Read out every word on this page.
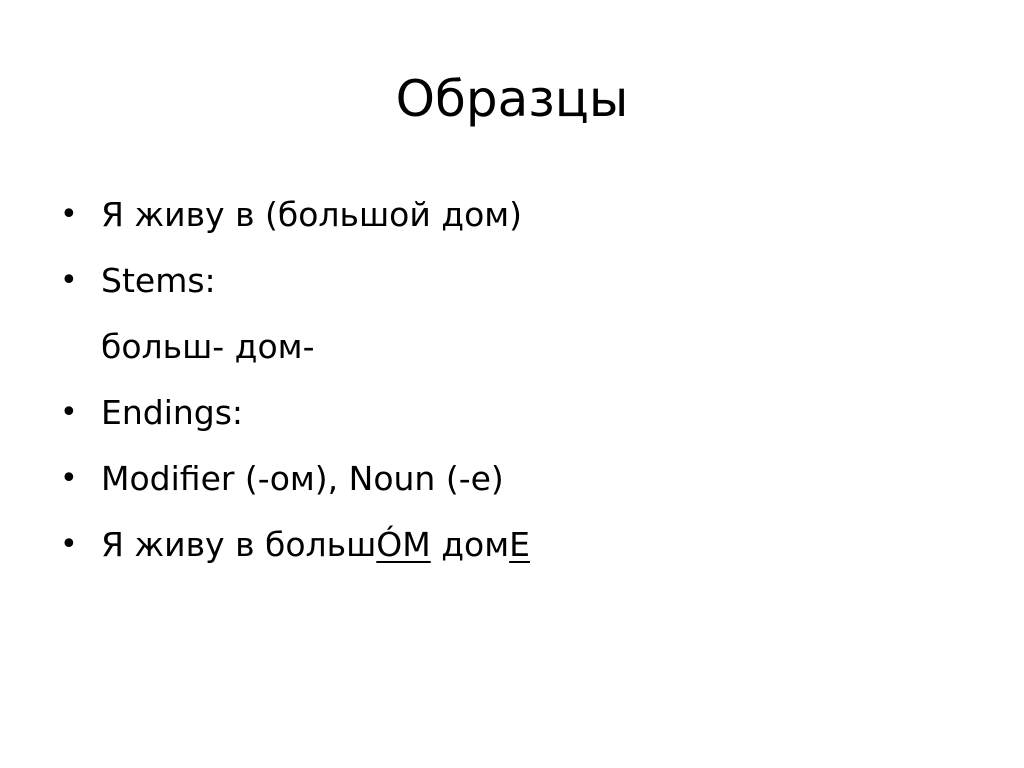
Образцы
• Я живу в (большой дом)
• Stems:
больш- дом-
• Endings:
• Modifier (-ом), Noun (-е)
• Я живу в большÓМ домЕ
